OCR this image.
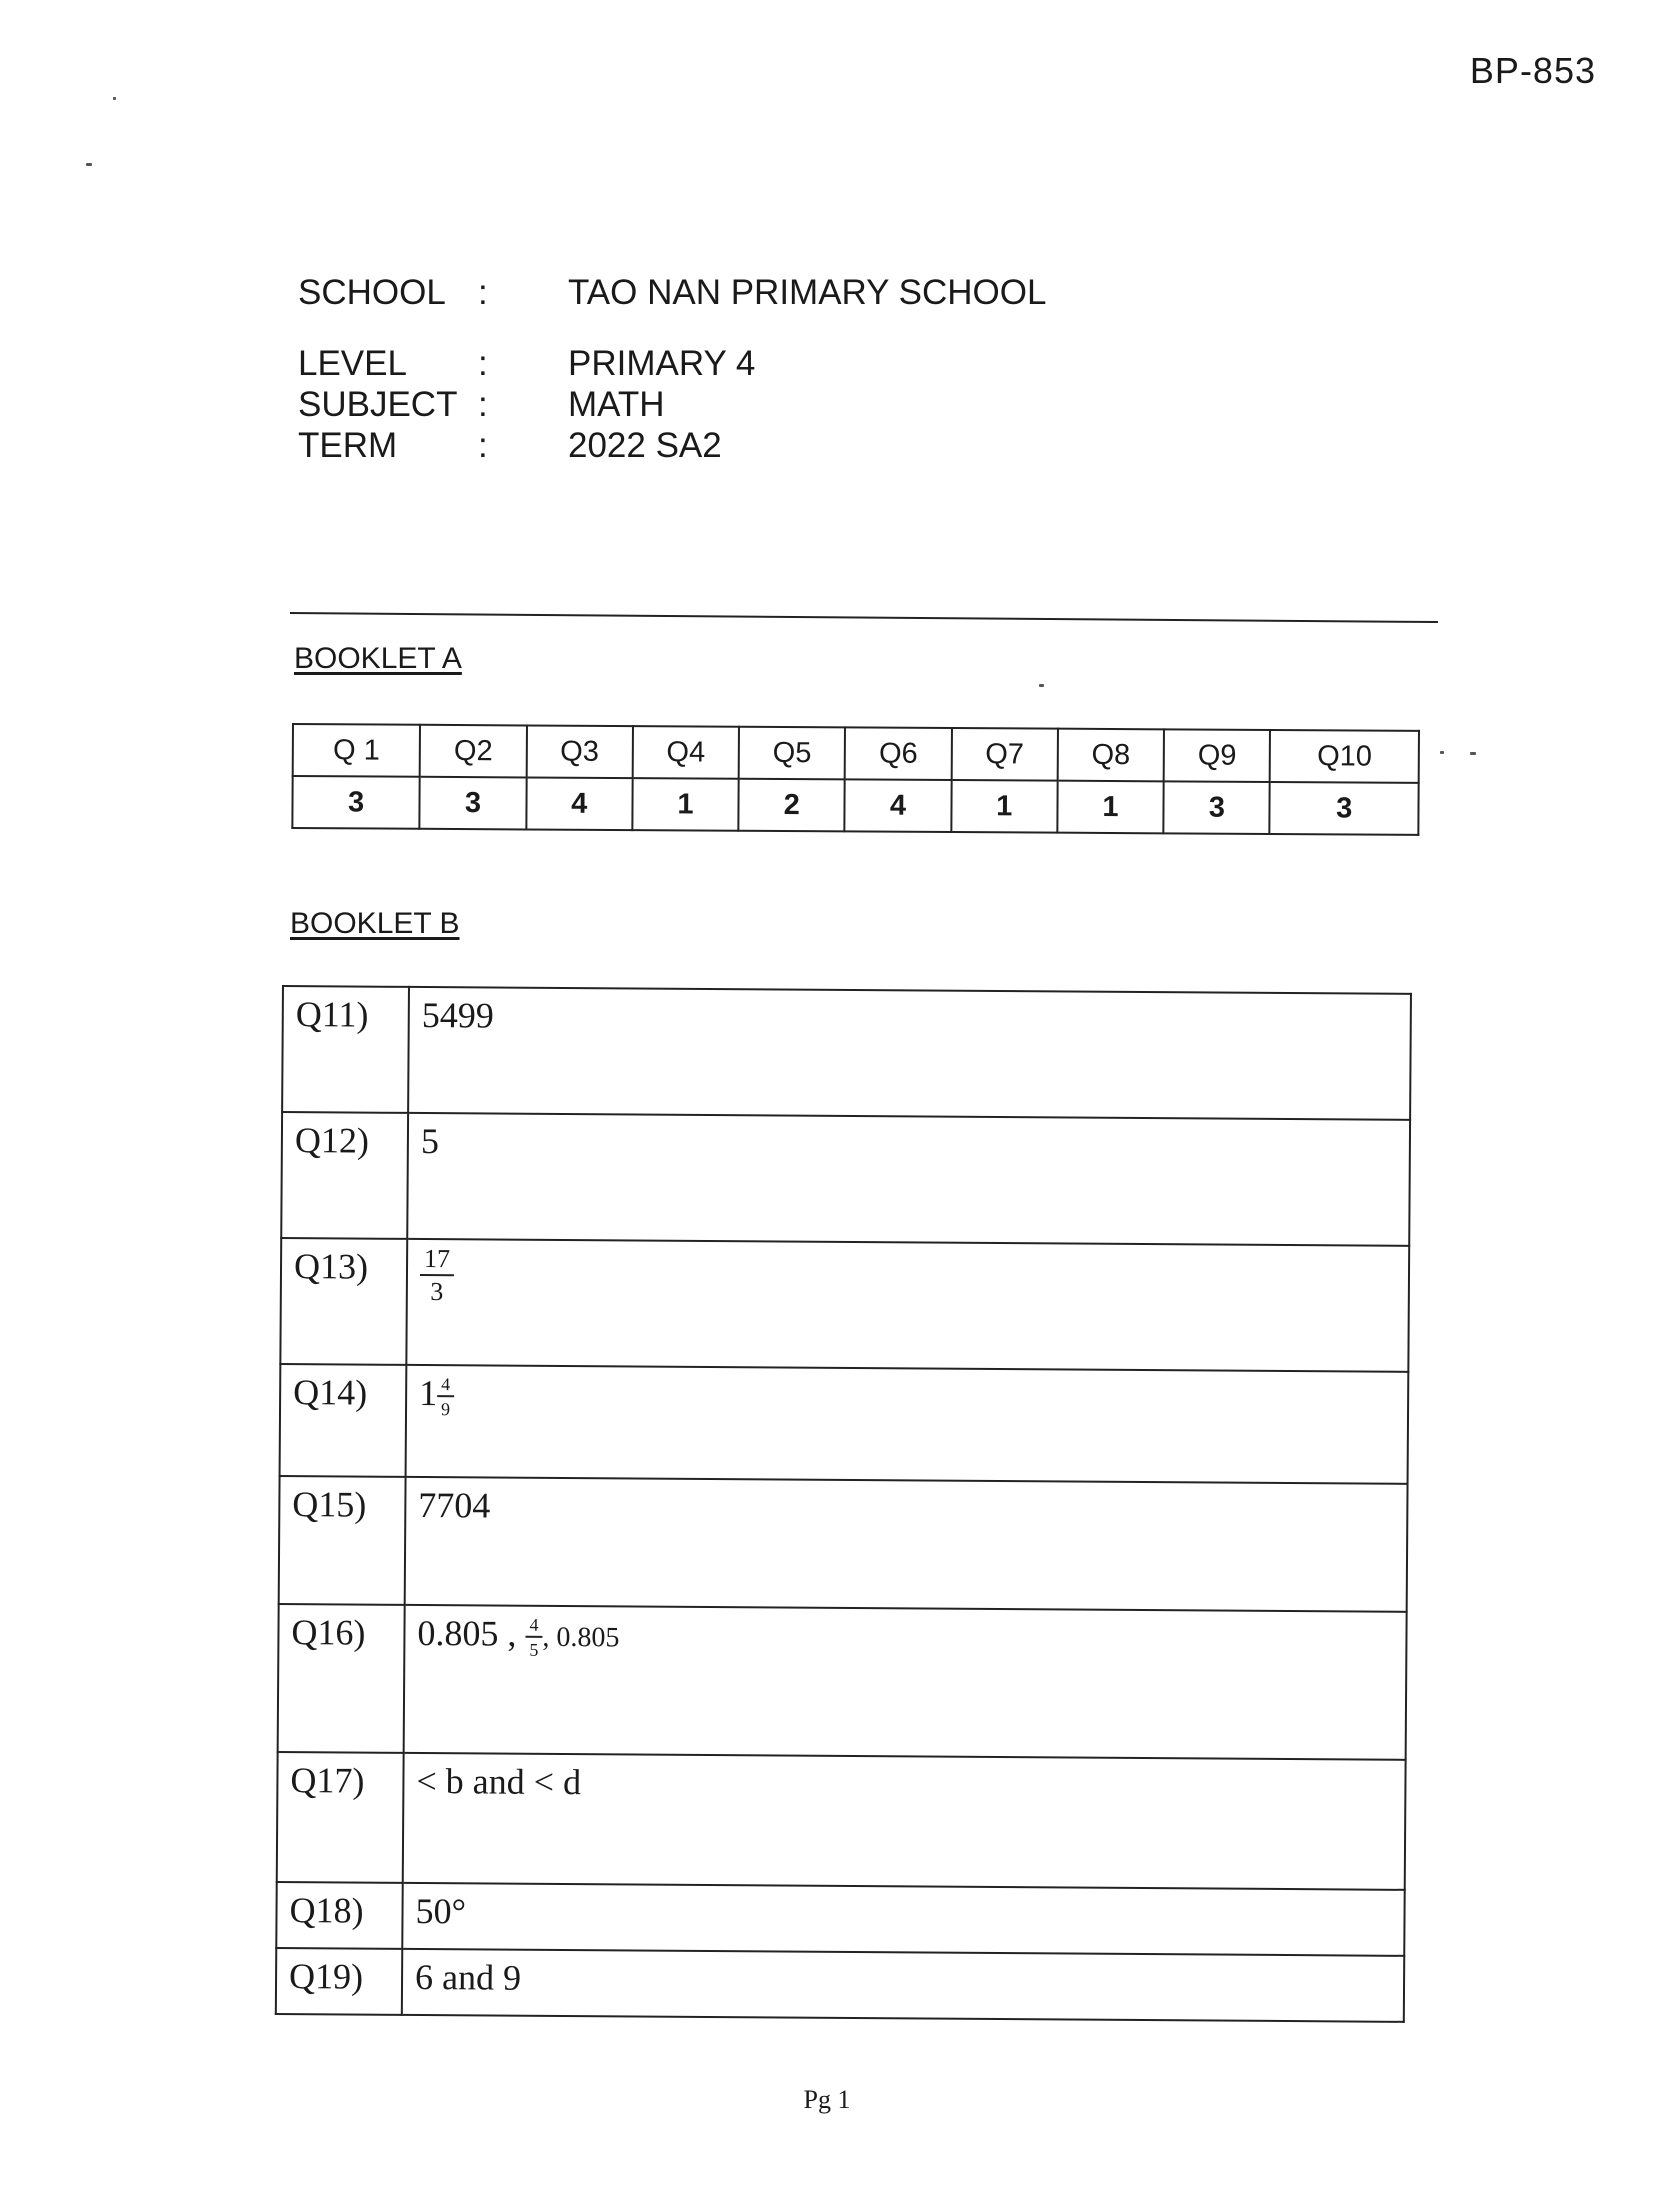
BP-853
SCHOOL : TAO NAN PRIMARY SCHOOL
LEVEL : PRIMARY 4
SUBJECT : MATH
TERM : 2022 SA2
BOOKLET A
Q 1	Q2	Q3	Q4	Q5	Q6	Q7	Q8	Q9	Q10
3	3	4	1	2	4	1	1	3	3
BOOKLET B
Q11)	5499
Q12)	5
Q13)	$\frac{17}{3}$

Q14)	$1 \frac{4}{9}$

Q15)	7704
Q16)	0.805 , $\frac{4}{5}$ , 0.805
Q17)	< b and < d
Q18)	50°
Q19)	6 and 9
Pg 1
